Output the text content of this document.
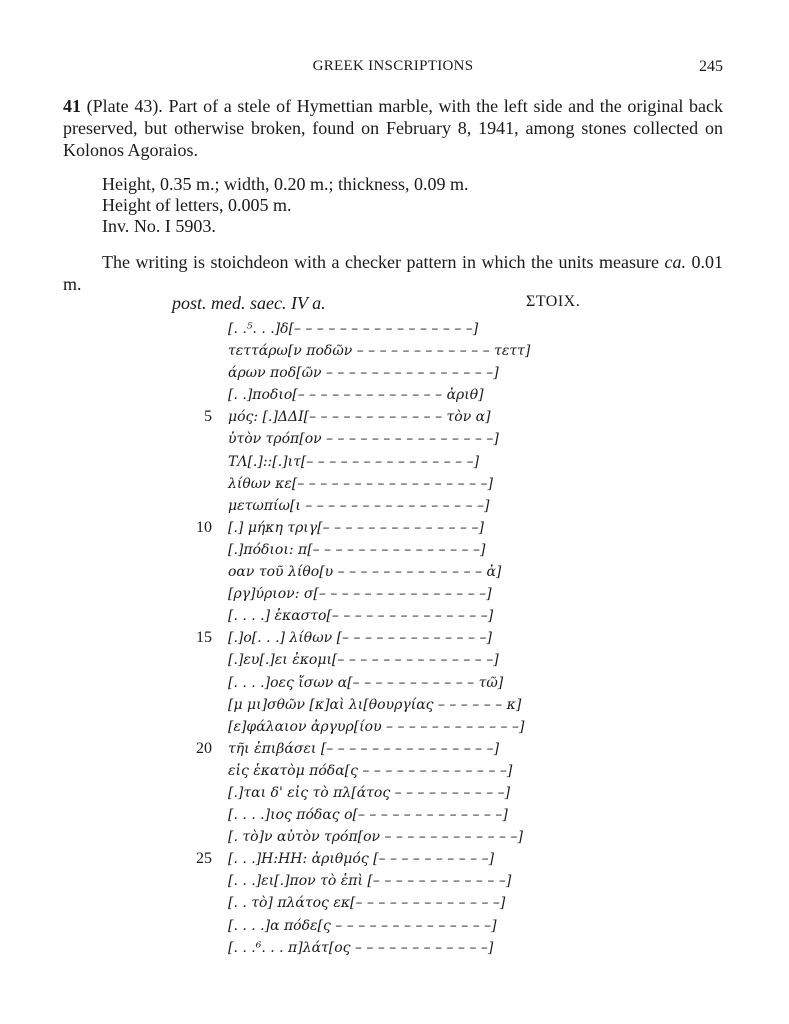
GREEK INSCRIPTIONS	245

41 (Plate 43). Part of a stele of Hymettian marble, with the left side and the original back preserved, but otherwise broken, found on February 8, 1941, among stones collected on Kolonos Agoraios.

Height, 0.35 m.; width, 0.20 m.; thickness, 0.09 m.
Height of letters, 0.005 m.
Inv. No. I 5903.

The writing is stoichdeon with a checker pattern in which the units measure ca. 0.01 m.

post. med. saec. IV a.	ΣΤΟΙΧ.
[. .⁵. . .]δ[– – – – – – – – – – – – – – – –]
τεττάρω[ν ποδῶν – – – – – – – – – – – – τεττ]
άρων ποδ[ῶν – – – – – – – – – – – – – – –]
[. .]ποδιο[– – – – – – – – – – – – – ἀριθ]
5 μός: [.]ΔΔΙ[– – – – – – – – – – – – τὸν α]
ὐτὸν τρόπ[ον – – – – – – – – – – – – – – –]
ΤΛ[.]::[.]ιτ[– – – – – – – – – – – – – – –]
λίθων κε[– – – – – – – – – – – – – – – – –]
μετωπίω[ι – – – – – – – – – – – – – – – –]
10 [.] μήκη τριγ[– – – – – – – – – – – – – –]
[.]πόδιοι: π[– – – – – – – – – – – – – – –]
οαν τοῦ λίθο[υ – – – – – – – – – – – – – ἀ]
[ργ]ύριον: σ[– – – – – – – – – – – – – – –]
[. . . .] ἑκαστο[– – – – – – – – – – – – – –]
15 [.]ο[. . .] λίθων [– – – – – – – – – – – – –]
[.]ευ[.]ει ἐκομι[– – – – – – – – – – – – – –]
[. . . .]οες ἴσων α[– – – – – – – – – – – τῶ]
[μ μι]σθῶν [κ]αὶ λι[θουργίας – – – – – – κ]
[ε]φάλαιον ἀργυρ[ίου – – – – – – – – – – – –]
20 τῆι ἐπιβάσει [– – – – – – – – – – – – – – –]
εἰς ἑκατὸμ πόδα[ς – – – – – – – – – – – – –]
[.]ται δ' εἰς τὸ πλ[άτος – – – – – – – – – –]
[. . . .]ιος πόδας ο[– – – – – – – – – – – – –]
[. τὸ]ν αὐτὸν τρόπ[ον – – – – – – – – – – – –]
25 [. . .]Η:ΗΗ: ἀριθμός [– – – – – – – – – –]
[. . .]ει[.]πον τὸ ἐπὶ [– – – – – – – – – – – –]
[. . τὸ] πλάτος εκ[– – – – – – – – – – – – –]
[. . . .]α πόδε[ς – – – – – – – – – – – – – –]
[. . .⁶. . . π]λάτ[ος – – – – – – – – – – – –]
